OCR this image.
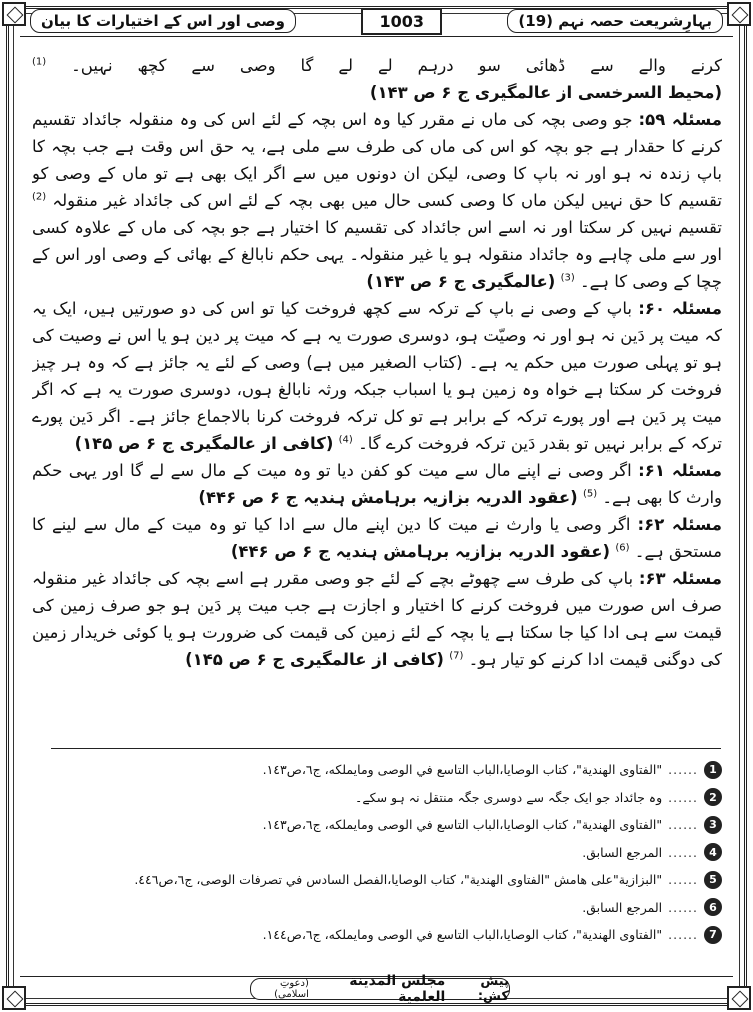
بہارِشریعت حصہ نہم (19)
1003
وصی اور اس کے اختیارات کا بیان

کرنے والے سے ڈھائی سو درہم لے لے گا وصی سے کچھ نہیں۔ $^{(1)}$ (محیط السرخسی از عالمگیری ج ۶ ص ۱۴۳)

مسئلہ ۵۹: جو وصی بچہ کی ماں نے مقرر کیا وہ اس بچہ کے لئے اس کی وہ منقولہ جائداد تقسیم کرنے کا حقدار ہے جو بچہ کو اس کی ماں کی طرف سے ملی ہے، یہ حق اس وقت ہے جب بچہ کا باپ زندہ نہ ہو اور نہ باپ کا وصی، لیکن ان دونوں میں سے اگر ایک بھی ہے تو ماں کے وصی کو تقسیم کا حق نہیں لیکن ماں کا وصی کسی حال میں بھی بچہ کے لئے اس کی جائداد غیر منقولہ $^{(2)}$ تقسیم نہیں کر سکتا اور نہ اسے اس جائداد کی تقسیم کا اختیار ہے جو بچہ کی ماں کے علاوہ کسی اور سے ملی چاہے وہ جائداد منقولہ ہو یا غیر منقولہ۔ یہی حکم نابالغ کے بھائی کے وصی اور اس کے چچا کے وصی کا ہے۔ $^{(3)}$ (عالمگیری ج ۶ ص ۱۴۳)

مسئلہ ۶۰: باپ کے وصی نے باپ کے ترکہ سے کچھ فروخت کیا تو اس کی دو صورتیں ہیں، ایک یہ کہ میت پر دَین نہ ہو اور نہ وصیّت ہو، دوسری صورت یہ ہے کہ میت پر دین ہو یا اس نے وصیت کی ہو تو پہلی صورت میں حکم یہ ہے۔ (کتاب الصغیر میں ہے) وصی کے لئے یہ جائز ہے کہ وہ ہر چیز فروخت کر سکتا ہے خواہ وہ زمین ہو یا اسباب جبکہ ورثہ نابالغ ہوں، دوسری صورت یہ ہے کہ اگر میت پر دَین ہے اور پورے ترکہ کے برابر ہے تو کل ترکہ فروخت کرنا بالاجماع جائز ہے۔ اگر دَین پورے ترکہ کے برابر نہیں تو بقدر دَین ترکہ فروخت کرے گا۔ $^{(4)}$ (کافی از عالمگیری ج ۶ ص ۱۴۵)

مسئلہ ۶۱: اگر وصی نے اپنے مال سے میت کو کفن دیا تو وہ میت کے مال سے لے گا اور یہی حکم وارث کا بھی ہے۔ $^{(5)}$ (عقود الدریہ بزازیہ برہامش ہندیہ ج ۶ ص ۴۴۶)

مسئلہ ۶۲: اگر وصی یا وارث نے میت کا دین اپنے مال سے ادا کیا تو وہ میت کے مال سے لینے کا مستحق ہے۔ $^{(6)}$ (عقود الدریہ بزازیہ برہامش ہندیہ ج ۶ ص ۴۴۶)

مسئلہ ۶۳: باپ کی طرف سے چھوٹے بچے کے لئے جو وصی مقرر ہے اسے بچہ کی جائداد غیر منقولہ صرف اس صورت میں فروخت کرنے کا اختیار و اجازت ہے جب میت پر دَین ہو جو صرف زمین کی قیمت سے ہی ادا کیا جا سکتا ہے یا بچہ کے لئے زمین کی قیمت کی ضرورت ہو یا کوئی خریدار زمین کی دوگنی قیمت ادا کرنے کو تیار ہو۔ $^{(7)}$ (کافی از عالمگیری ج ۶ ص ۱۴۵)

1
......
"الفتاوی الهندية"، كتاب الوصايا،الباب التاسع في الوصی ومايملكه، ج٦،ص١٤٣.
2
......
وہ جائداد جو ایک جگہ سے دوسری جگہ منتقل نہ ہو سکے۔
3
......
"الفتاوی الهندية"، كتاب الوصايا،الباب التاسع في الوصی ومايملكه، ج٦،ص١٤٣.
4
......
المرجع السابق.
5
......
"البزازية"على هامش "الفتاوی الهندية"، كتاب الوصايا،الفصل السادس في تصرفات الوصی، ج٦،ص٤٤٦.
6
......
المرجع السابق.
7
......
"الفتاوی الهندية"، كتاب الوصايا،الباب التاسع في الوصی ومايملكه، ج٦،ص١٤٤.
پیش کش:
مجلس المدينة العلمية
(دعوتِ اسلامی)
